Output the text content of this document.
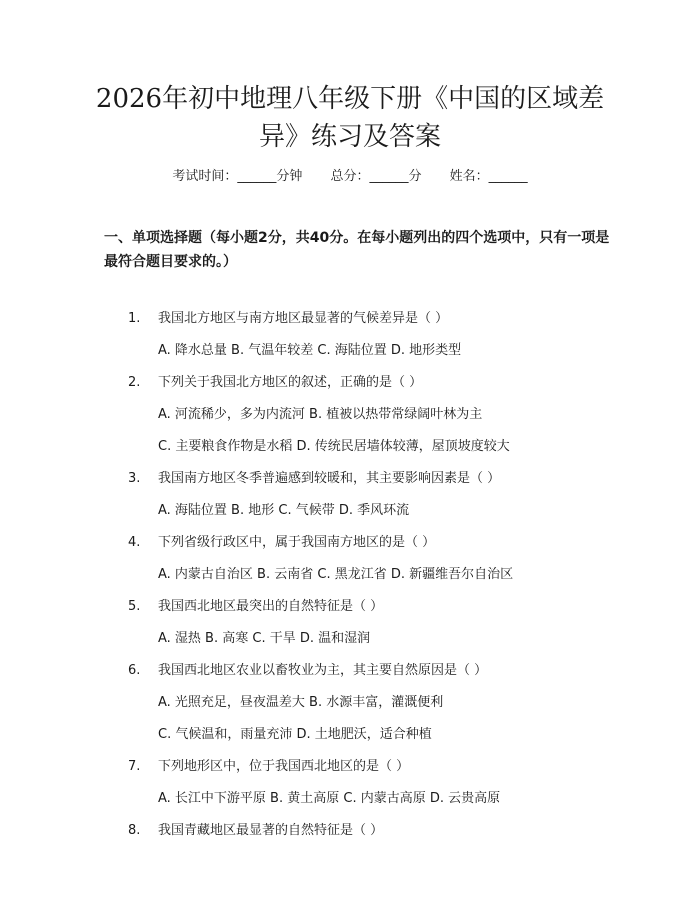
2026年初中地理八年级下册《中国的区域差
异》练习及答案
考试时间：______分钟 总分：______分 姓名：______
一、单项选择题（每小题2分，共40分。在每小题列出的四个选项中，只有一项是最符合题目要求的。）
1. 我国北方地区与南方地区最显著的气候差异是（ ）
A. 降水总量 B. 气温年较差 C. 海陆位置 D. 地形类型
2. 下列关于我国北方地区的叙述，正确的是（ ）
A. 河流稀少，多为内流河 B. 植被以热带常绿阔叶林为主
C. 主要粮食作物是水稻 D. 传统民居墙体较薄，屋顶坡度较大
3. 我国南方地区冬季普遍感到较暖和，其主要影响因素是（ ）
A. 海陆位置 B. 地形 C. 气候带 D. 季风环流
4. 下列省级行政区中，属于我国南方地区的是（ ）
A. 内蒙古自治区 B. 云南省 C. 黑龙江省 D. 新疆维吾尔自治区
5. 我国西北地区最突出的自然特征是（ ）
A. 湿热 B. 高寒 C. 干旱 D. 温和湿润
6. 我国西北地区农业以畜牧业为主，其主要自然原因是（ ）
A. 光照充足，昼夜温差大 B. 水源丰富，灌溉便利
C. 气候温和，雨量充沛 D. 土地肥沃，适合种植
7. 下列地形区中，位于我国西北地区的是（ ）
A. 长江中下游平原 B. 黄土高原 C. 内蒙古高原 D. 云贵高原
8. 我国青藏地区最显著的自然特征是（ ）
